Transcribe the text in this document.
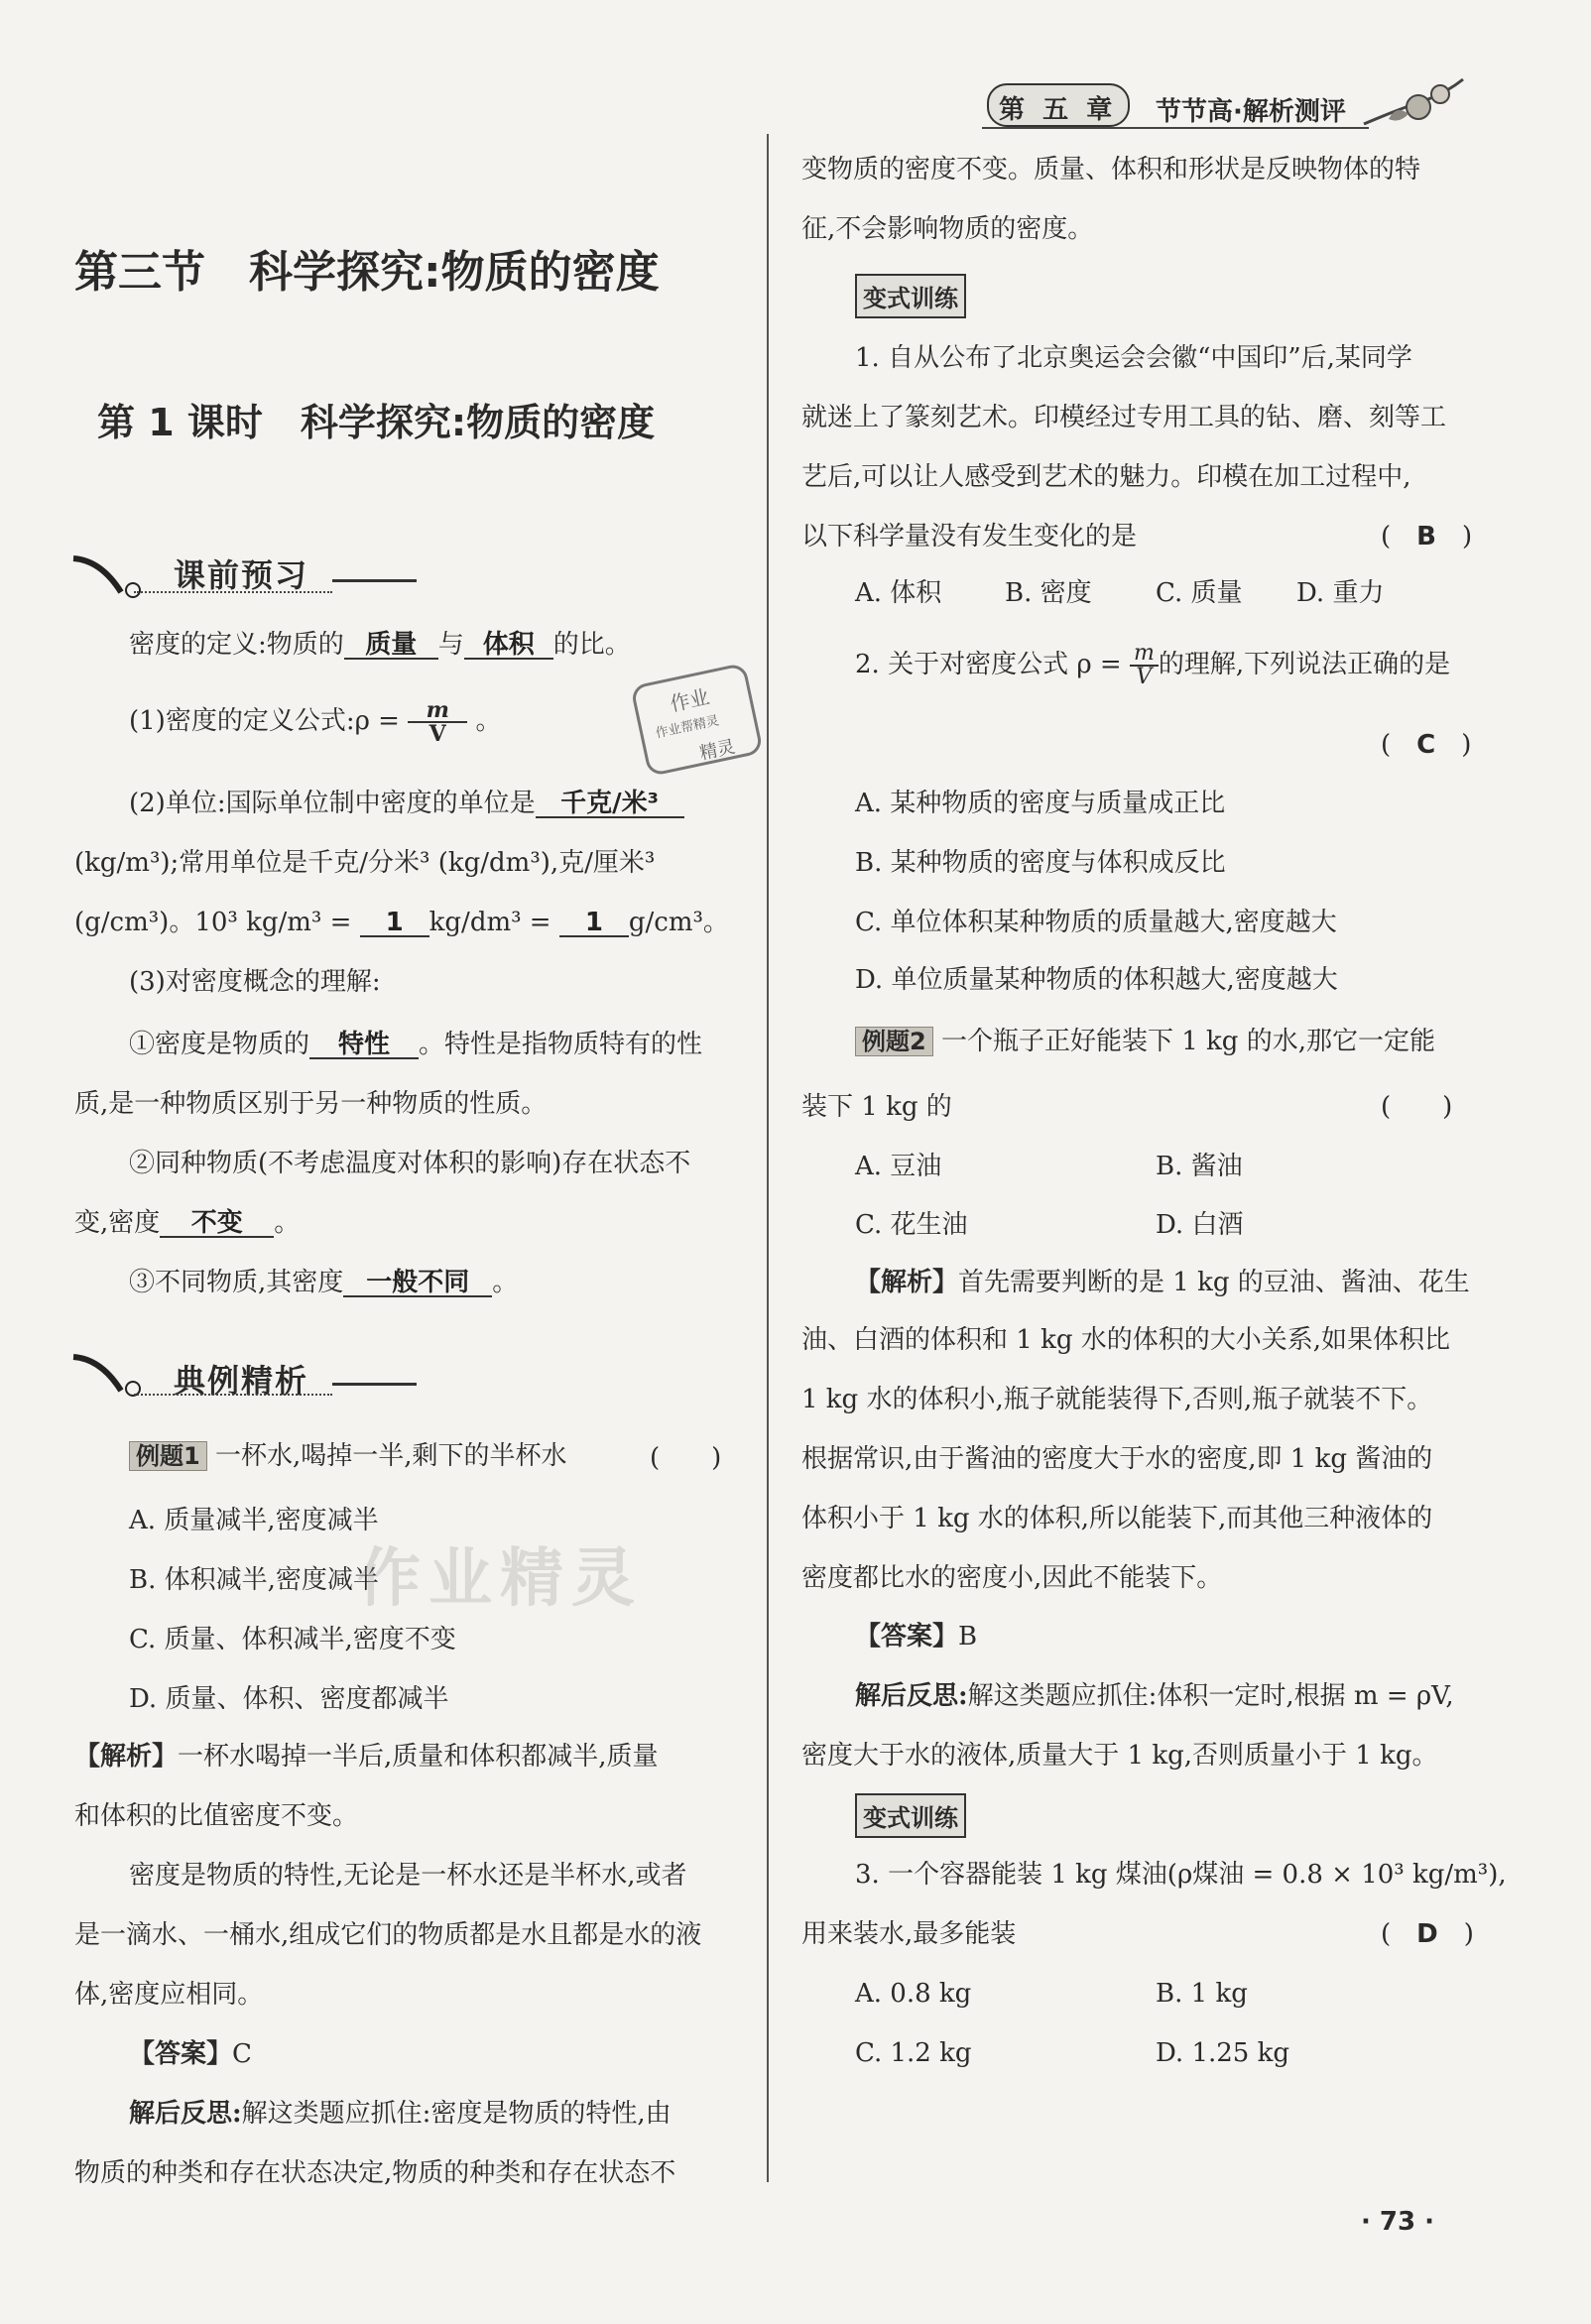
第 五 章 节节高·解析测评
第三节　科学探究:物质的密度
第 1 课时　科学探究:物质的密度
课前预习
密度的定义:物质的 质量 与 体积 的比。
(1)密度的定义公式:ρ = $\frac{m}{V}$ 。
作业
作业帮精灵
精灵
(2)单位:国际单位制中密度的单位是 千克/米³
(kg/m³);常用单位是千克/分米³ (kg/dm³),克/厘米³
(g/cm³)。10³ kg/m³ = 1 kg/dm³ = 1 g/cm³。
(3)对密度概念的理解:
①密度是物质的 特性 。特性是指物质特有的性
质,是一种物质区别于另一种物质的性质。
②同种物质(不考虑温度对体积的影响)存在状态不
变,密度 不变 。
③不同物质,其密度 一般不同 。
典例精析
例题1 一杯水,喝掉一半,剩下的半杯水	(　　)
A. 质量减半,密度减半
B. 体积减半,密度减半
C. 质量、体积减半,密度不变
D. 质量、体积、密度都减半
【解析】一杯水喝掉一半后,质量和体积都减半,质量
和体积的比值密度不变。
密度是物质的特性,无论是一杯水还是半杯水,或者
是一滴水、一桶水,组成它们的物质都是水且都是水的液
体,密度应相同。
【答案】C
解后反思:解这类题应抓住:密度是物质的特性,由
物质的种类和存在状态决定,物质的种类和存在状态不
变物质的密度不变。质量、体积和形状是反映物体的特
征,不会影响物质的密度。
变式训练
1. 自从公布了北京奥运会会徽“中国印”后,某同学
就迷上了篆刻艺术。印模经过专用工具的钻、磨、刻等工
艺后,可以让人感受到艺术的魅力。印模在加工过程中,
以下科学量没有发生变化的是	(　B　)
A. 体积 B. 密度 C. 质量 D. 重力
2. 关于对密度公式 $\rho = \frac{m}{V}$ 的理解,下列说法正确的是
(　C　)
A. 某种物质的密度与质量成正比
B. 某种物质的密度与体积成反比
C. 单位体积某种物质的质量越大,密度越大
D. 单位质量某种物质的体积越大,密度越大
例题2 一个瓶子正好能装下 1 kg 的水,那它一定能
装下 1 kg 的	(　　)
A. 豆油	B. 酱油
C. 花生油	D. 白酒
【解析】首先需要判断的是 1 kg 的豆油、酱油、花生
油、白酒的体积和 1 kg 水的体积的大小关系,如果体积比
1 kg 水的体积小,瓶子就能装得下,否则,瓶子就装不下。
根据常识,由于酱油的密度大于水的密度,即 1 kg 酱油的
体积小于 1 kg 水的体积,所以能装下,而其他三种液体的
密度都比水的密度小,因此不能装下。
【答案】B
解后反思:解这类题应抓住:体积一定时,根据 m = ρV,
密度大于水的液体,质量大于 1 kg,否则质量小于 1 kg。
变式训练
3. 一个容器能装 1 kg 煤油(ρ煤油 = 0.8 × 10³ kg/m³),
用来装水,最多能装	(　D　)
A. 0.8 kg	B. 1 kg
C. 1.2 kg	D. 1.25 kg
作业精灵
· 73 ·
